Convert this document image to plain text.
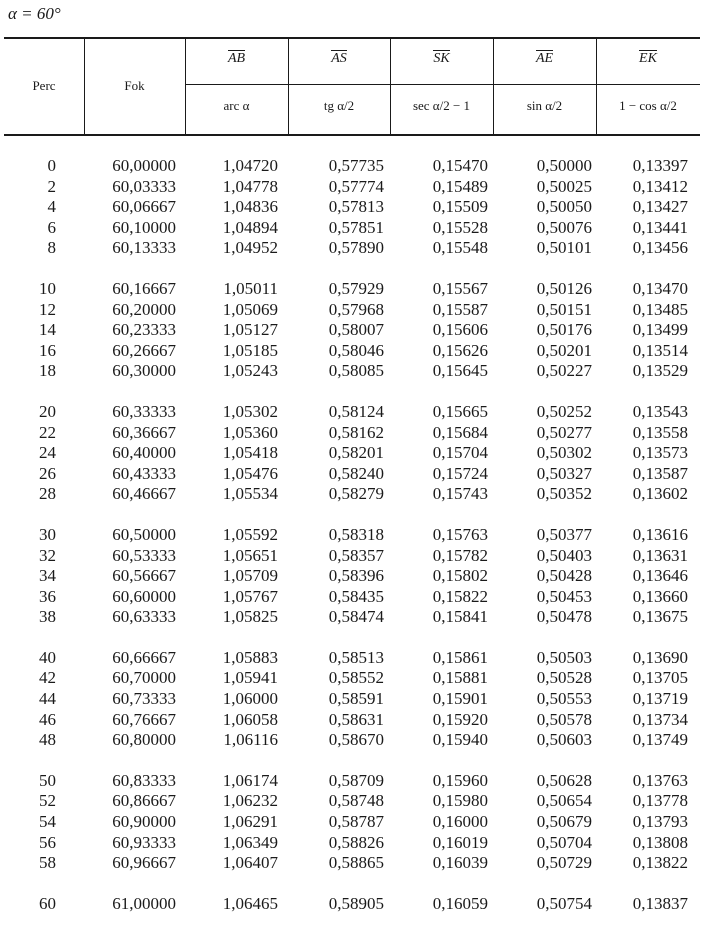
α = 60°
Perc	Fok
AB	AS	SK	AE	EK
arc α	tg α/2	sec α/2 − 1	sin α/2	1 − cos α/2
0	60,00000	1,04720	0,57735	0,15470	0,50000	0,13397
2	60,03333	1,04778	0,57774	0,15489	0,50025	0,13412
4	60,06667	1,04836	0,57813	0,15509	0,50050	0,13427
6	60,10000	1,04894	0,57851	0,15528	0,50076	0,13441
8	60,13333	1,04952	0,57890	0,15548	0,50101	0,13456
10	60,16667	1,05011	0,57929	0,15567	0,50126	0,13470
12	60,20000	1,05069	0,57968	0,15587	0,50151	0,13485
14	60,23333	1,05127	0,58007	0,15606	0,50176	0,13499
16	60,26667	1,05185	0,58046	0,15626	0,50201	0,13514
18	60,30000	1,05243	0,58085	0,15645	0,50227	0,13529
20	60,33333	1,05302	0,58124	0,15665	0,50252	0,13543
22	60,36667	1,05360	0,58162	0,15684	0,50277	0,13558
24	60,40000	1,05418	0,58201	0,15704	0,50302	0,13573
26	60,43333	1,05476	0,58240	0,15724	0,50327	0,13587
28	60,46667	1,05534	0,58279	0,15743	0,50352	0,13602
30	60,50000	1,05592	0,58318	0,15763	0,50377	0,13616
32	60,53333	1,05651	0,58357	0,15782	0,50403	0,13631
34	60,56667	1,05709	0,58396	0,15802	0,50428	0,13646
36	60,60000	1,05767	0,58435	0,15822	0,50453	0,13660
38	60,63333	1,05825	0,58474	0,15841	0,50478	0,13675
40	60,66667	1,05883	0,58513	0,15861	0,50503	0,13690
42	60,70000	1,05941	0,58552	0,15881	0,50528	0,13705
44	60,73333	1,06000	0,58591	0,15901	0,50553	0,13719
46	60,76667	1,06058	0,58631	0,15920	0,50578	0,13734
48	60,80000	1,06116	0,58670	0,15940	0,50603	0,13749
50	60,83333	1,06174	0,58709	0,15960	0,50628	0,13763
52	60,86667	1,06232	0,58748	0,15980	0,50654	0,13778
54	60,90000	1,06291	0,58787	0,16000	0,50679	0,13793
56	60,93333	1,06349	0,58826	0,16019	0,50704	0,13808
58	60,96667	1,06407	0,58865	0,16039	0,50729	0,13822
60	61,00000	1,06465	0,58905	0,16059	0,50754	0,13837
